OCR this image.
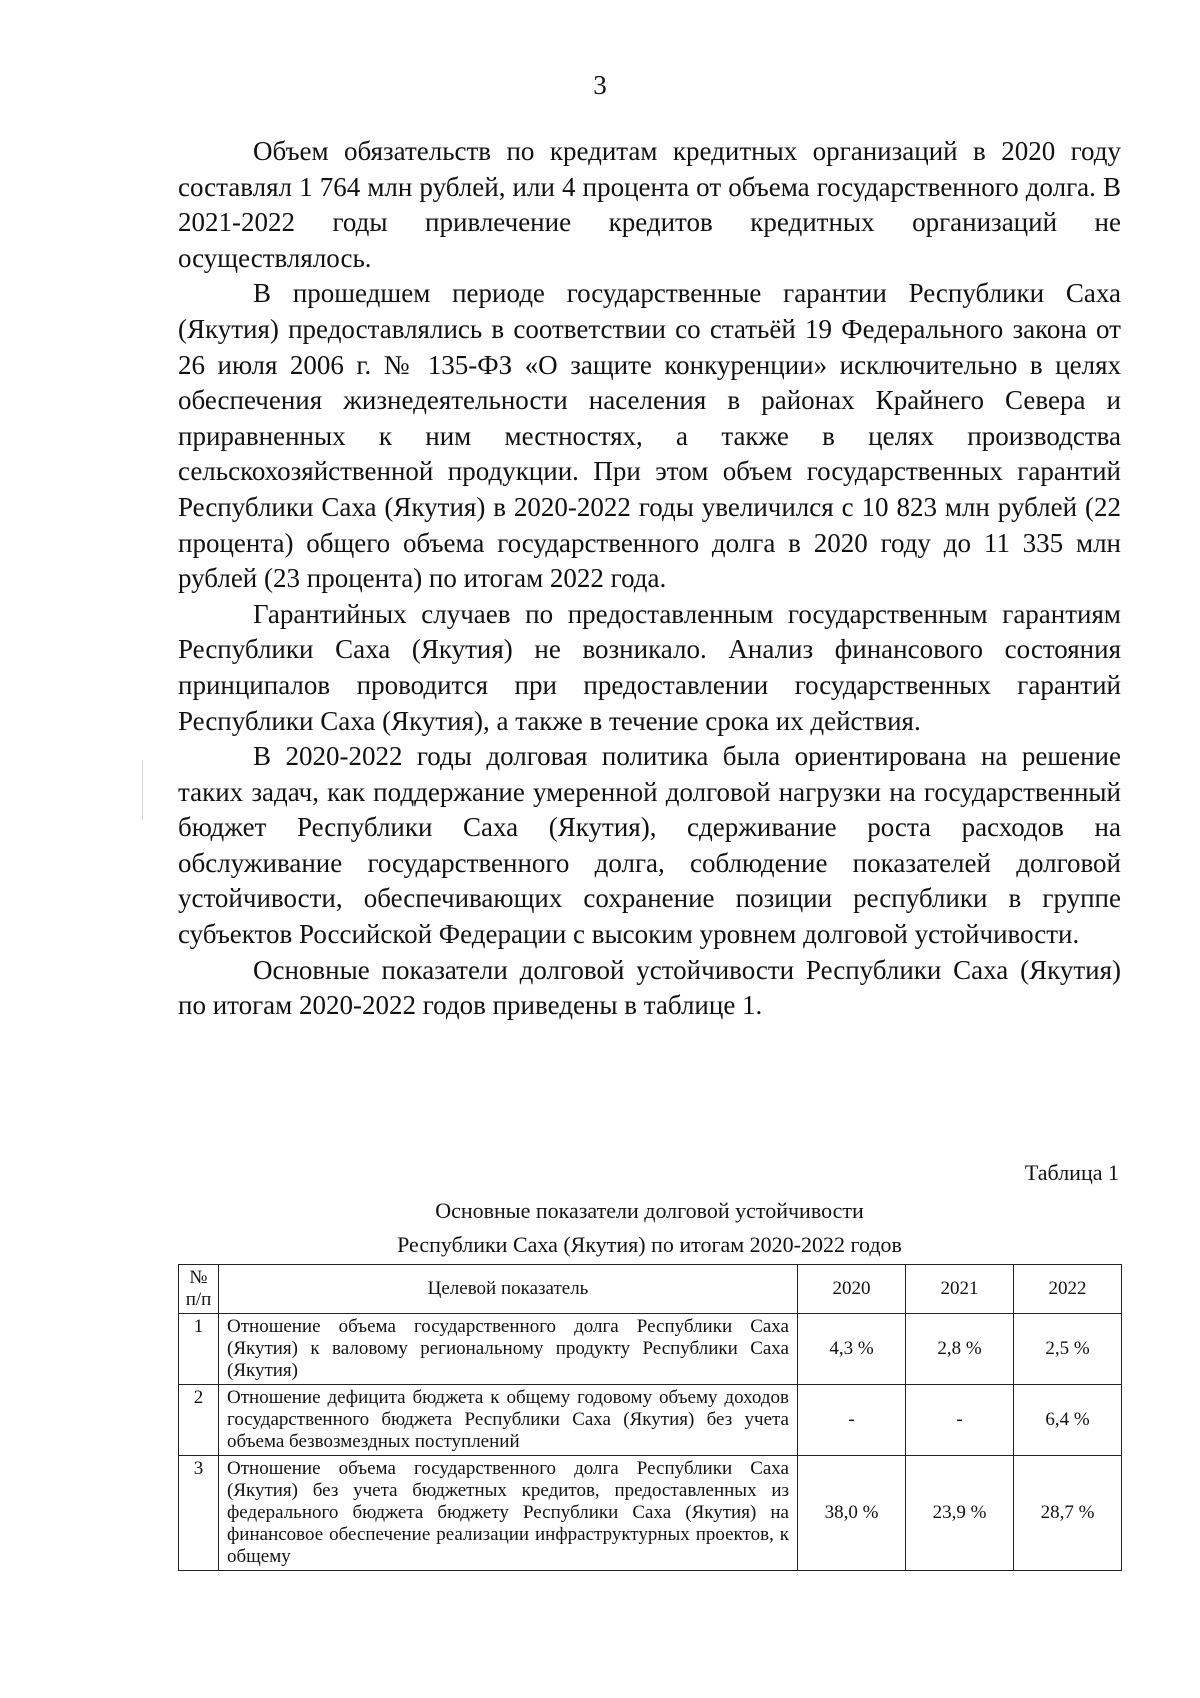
3

Объем обязательств по кредитам кредитных организаций в 2020 году составлял 1 764 млн рублей, или 4 процента от объема государственного долга. В 2021-2022 годы привлечение кредитов кредитных организаций не осуществлялось.

В прошедшем периоде государственные гарантии Республики Саха (Якутия) предоставлялись в соответствии со статьёй 19 Федерального закона от 26 июля 2006 г. № 135-ФЗ «О защите конкуренции» исключительно в целях обеспечения жизнедеятельности населения в районах Крайнего Севера и приравненных к ним местностях, а также в целях производства сельскохозяйственной продукции. При этом объем государственных гарантий Республики Саха (Якутия) в 2020-2022 годы увеличился с 10 823 млн рублей (22 процента) общего объема государственного долга в 2020 году до 11 335 млн рублей (23 процента) по итогам 2022 года.

Гарантийных случаев по предоставленным государственным гарантиям Республики Саха (Якутия) не возникало. Анализ финансового состояния принципалов проводится при предоставлении государственных гарантий Республики Саха (Якутия), а также в течение срока их действия.

В 2020-2022 годы долговая политика была ориентирована на решение таких задач, как поддержание умеренной долговой нагрузки на государственный бюджет Республики Саха (Якутия), сдерживание роста расходов на обслуживание государственного долга, соблюдение показателей долговой устойчивости, обеспечивающих сохранение позиции республики в группе субъектов Российской Федерации с высоким уровнем долговой устойчивости.

Основные показатели долговой устойчивости Республики Саха (Якутия) по итогам 2020-2022 годов приведены в таблице 1.

Таблица 1
Основные показатели долговой устойчивости
Республики Саха (Якутия) по итогам 2020-2022 годов
№ п/п	Целевой показатель	2020	2021	2022
1	Отношение объема государственного долга Республики Саха (Якутия) к валовому региональному продукту Республики Саха (Якутия)	4,3 %	2,8 %	2,5 %
2	Отношение дефицита бюджета к общему годовому объему доходов государственного бюджета Республики Саха (Якутия) без учета объема безвозмездных поступлений	-	-	6,4 %
3	Отношение объема государственного долга Республики Саха (Якутия) без учета бюджетных кредитов, предоставленных из федерального бюджета бюджету Республики Саха (Якутия) на финансовое обеспечение реализации инфраструктурных проектов, к общему	38,0 %	23,9 %	28,7 %
